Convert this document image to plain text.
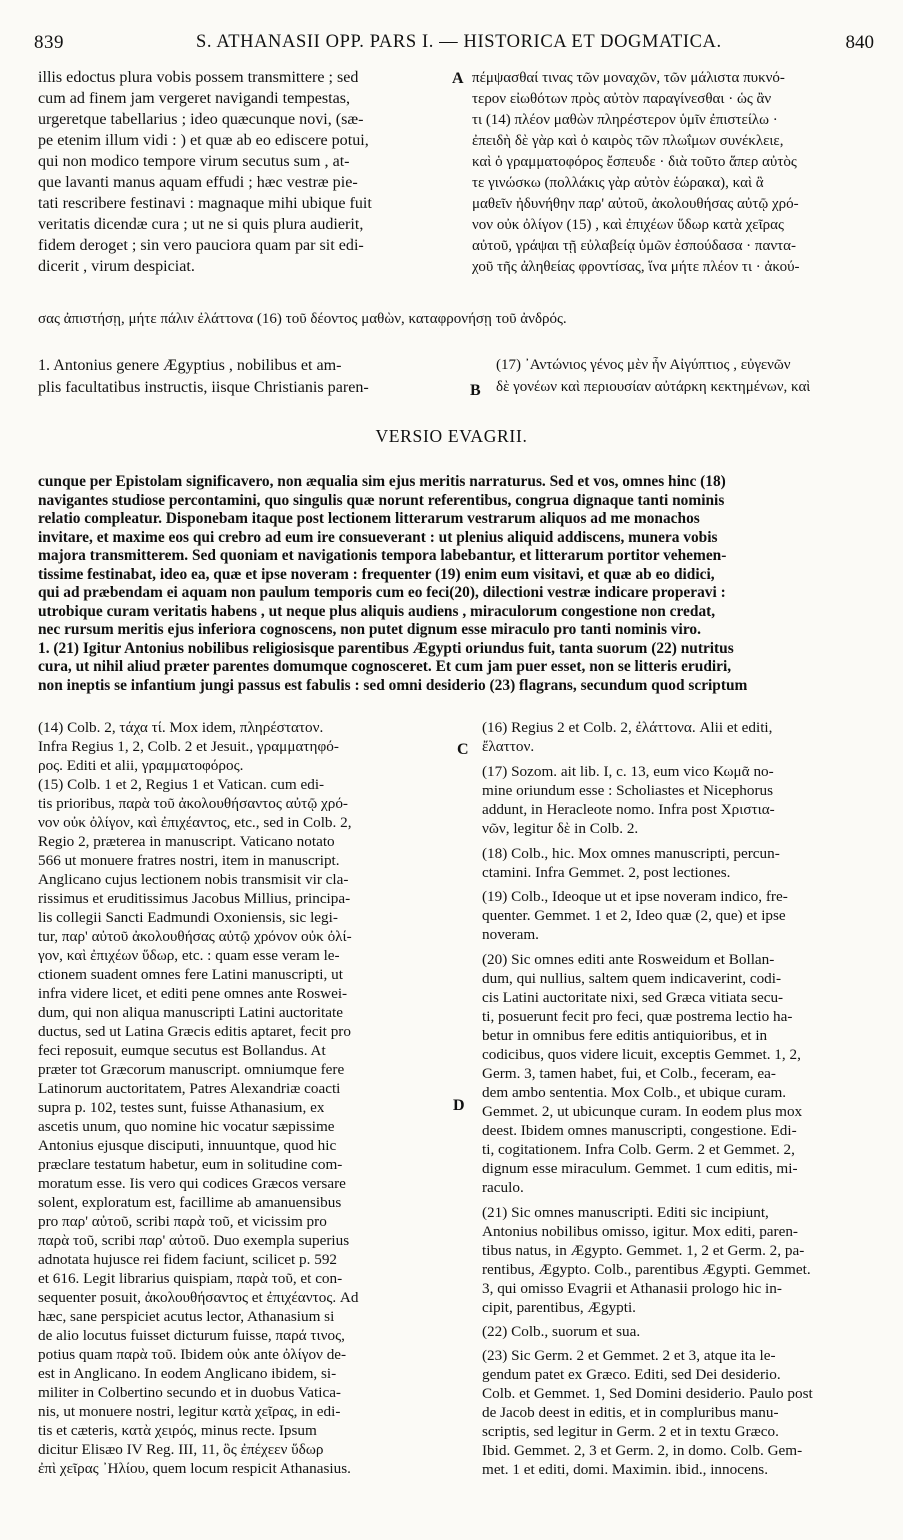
839	S. ATHANASII OPP. PARS I. — HISTORICA ET DOGMATICA.	840
illis edoctus plura vobis possem transmittere ; sed
cum ad finem jam vergeret navigandi tempestas,
urgeretque tabellarius ; ideo quæcunque novi, (sæ-
pe etenim illum vidi : ) et quæ ab eo ediscere potui,
qui non modico tempore virum secutus sum , at-
que lavanti manus aquam effudi ; hæc vestræ pie-
tati rescribere festinavi : magnaque mihi ubique fuit
veritatis dicendæ cura ; ut ne si quis plura audierit,
fidem deroget ; sin vero pauciora quam par sit edi-
dicerit , virum despiciat.
A πέμψασθαί τινας τῶν μοναχῶν, τῶν μάλιστα πυκνό-
τερον εἰωθότων πρὸς αὐτὸν παραγίνεσθαι · ὡς ἂν
τι (14) πλέον μαθὼν πληρέστερον ὑμῖν ἐπιστείλω ·
ἐπειδὴ δὲ γὰρ καὶ ὁ καιρὸς τῶν πλωΐμων συνέκλειε,
καὶ ὁ γραμματοφόρος ἔσπευδε · διὰ τοῦτο ἅπερ αὐτὸς
τε γινώσκω (πολλάκις γὰρ αὐτὸν ἑώρακα), καὶ ἃ
μαθεῖν ἠδυνήθην παρ' αὐτοῦ, ἀκολουθήσας αὐτῷ χρό-
νον οὐκ ὀλίγον (15) , καὶ ἐπιχέων ὕδωρ κατὰ χεῖρας
αὐτοῦ, γράψαι τῇ εὐλαβείᾳ ὑμῶν ἐσπούδασα · παντα-
χοῦ τῆς ἀληθείας φροντίσας, ἵνα μήτε πλέον τι · ἀκού-
σας ἀπιστήσῃ, μήτε πάλιν ἐλάττονα (16) τοῦ δέοντος μαθὼν, καταφρονήσῃ τοῦ ἀνδρός.
1. Antonius genere Ægyptius , nobilibus et am-
plis facultatibus instructis, iisque Christianis paren-	B
(17) ᾿Αντώνιος γένος μὲν ἦν Αἰγύπτιος , εὐγενῶν
δὲ γονέων καὶ περιουσίαν αὐτάρκη κεκτημένων, καὶ
VERSIO EVAGRII.
cunque per Epistolam significavero, non æqualia sim ejus meritis narraturus. Sed et vos, omnes hinc (18)
navigantes studiose percontamini, quo singulis quæ norunt referentibus, congrua dignaque tanti nominis
relatio compleatur. Disponebam itaque post lectionem litterarum vestrarum aliquos ad me monachos
invitare, et maxime eos qui crebro ad eum ire consueverant : ut plenius aliquid addiscens, munera vobis
majora transmitterem. Sed quoniam et navigationis tempora labebantur, et litterarum portitor vehemen-
tissime festinabat, ideo ea, quæ et ipse noveram : frequenter (19) enim eum visitavi, et quæ ab eo didici,
qui ad præbendam ei aquam non paulum temporis cum eo feci(20), dilectioni vestræ indicare properavi :
utrobique curam veritatis habens , ut neque plus aliquis audiens , miraculorum congestione non credat,
nec rursum meritis ejus inferiora cognoscens, non putet dignum esse miraculo pro tanti nominis viro.
1. (21) Igitur Antonius nobilibus religiosisque parentibus Ægypti oriundus fuit, tanta suorum (22) nutritus
cura, ut nihil aliud præter parentes domumque cognosceret. Et cum jam puer esset, non se litteris erudiri,
non ineptis se infantium jungi passus est fabulis : sed omni desiderio (23) flagrans, secundum quod scriptum
(14) Colb. 2, τάχα τί. Mox idem, πληρέστατον.
Infra Regius 1, 2, Colb. 2 et Jesuit., γραμματηφό-
ρος. Editi et alii, γραμματοφόρος.
(15) Colb. 1 et 2, Regius 1 et Vatican. cum edi-
tis prioribus, παρὰ τοῦ ἀκολουθήσαντος αὐτῷ χρό-
νον οὐκ ὀλίγον, καὶ ἐπιχέαντος, etc., sed in Colb. 2,
Regio 2, præterea in manuscript. Vaticano notato
566 ut monuere fratres nostri, item in manuscript.
Anglicano cujus lectionem nobis transmisit vir cla-
rissimus et eruditissimus Jacobus Millius, principa-
lis collegii Sancti Eadmundi Oxoniensis, sic legi-
tur, παρ' αὐτοῦ ἀκολουθήσας αὐτῷ χρόνον οὐκ ὀλί-
γον, καὶ ἐπιχέων ὕδωρ, etc. : quam esse veram le-
ctionem suadent omnes fere Latini manuscripti, ut
infra videre licet, et editi pene omnes ante Roswei-
dum, qui non aliqua manuscripti Latini auctoritate
ductus, sed ut Latina Græcis editis aptaret, fecit pro
feci reposuit, eumque secutus est Bollandus. At
præter tot Græcorum manuscript. omniumque fere
Latinorum auctoritatem, Patres Alexandriæ coacti
supra p. 102, testes sunt, fuisse Athanasium, ex
ascetis unum, quo nomine hic vocatur sæpissime
Antonius ejusque disciputi, innuuntque, quod hic
præclare testatum habetur, eum in solitudine com-
moratum esse. Iis vero qui codices Græcos versare
solent, exploratum est, facillime ab amanuensibus
pro παρ' αὐτοῦ, scribi παρὰ τοῦ, et vicissim pro
παρὰ τοῦ, scribi παρ' αὐτοῦ. Duo exempla superius
adnotata hujusce rei fidem faciunt, scilicet p. 592
et 616. Legit librarius quispiam, παρὰ τοῦ, et con-
sequenter posuit, ἀκολουθήσαντος et ἐπιχέαντος. Ad
hæc, sane perspiciet acutus lector, Athanasium si
de alio locutus fuisset dicturum fuisse, παρά τινος,
potius quam παρὰ τοῦ. Ibidem οὐκ ante ὀλίγον de-
est in Anglicano. In eodem Anglicano ibidem, si-
militer in Colbertino secundo et in duobus Vatica-
nis, ut monuere nostri, legitur κατὰ χεῖρας, in edi-
tis et cæteris, κατὰ χειρός, minus recte. Ipsum
dicitur Elisæo IV Reg. III, 11, ὃς ἐπέχεεν ὕδωρ
ἐπὶ χεῖρας ᾿Ηλίου, quem locum respicit Athanasius.
C
D
(16) Regius 2 et Colb. 2, ἐλάττονα. Alii et editi,
ἔλαττον.
(17) Sozom. ait lib. I, c. 13, eum vico Κωμᾶ no-
mine oriundum esse : Scholiastes et Nicephorus
addunt, in Heracleote nomo. Infra post Χριστια-
νῶν, legitur δὲ in Colb. 2.
(18) Colb., hic. Mox omnes manuscripti, percun-
ctamini. Infra Gemmet. 2, post lectiones.
(19) Colb., Ideoque ut et ipse noveram indico, fre-
quenter. Gemmet. 1 et 2, Ideo quæ (2, que) et ipse
noveram.
(20) Sic omnes editi ante Rosweidum et Bollan-
dum, qui nullius, saltem quem indicaverint, codi-
cis Latini auctoritate nixi, sed Græca vitiata secu-
ti, posuerunt fecit pro feci, quæ postrema lectio ha-
betur in omnibus fere editis antiquioribus, et in
codicibus, quos videre licuit, exceptis Gemmet. 1, 2,
Germ. 3, tamen habet, fui, et Colb., feceram, ea-
dem ambo sententia. Mox Colb., et ubique curam.
Gemmet. 2, ut ubicunque curam. In eodem plus mox
deest. Ibidem omnes manuscripti, congestione. Edi-
ti, cogitationem. Infra Colb. Germ. 2 et Gemmet. 2,
dignum esse miraculum. Gemmet. 1 cum editis, mi-
raculo.
(21) Sic omnes manuscripti. Editi sic incipiunt,
Antonius nobilibus omisso, igitur. Mox editi, paren-
tibus natus, in Ægypto. Gemmet. 1, 2 et Germ. 2, pa-
rentibus, Ægypto. Colb., parentibus Ægypti. Gemmet.
3, qui omisso Evagrii et Athanasii prologo hic in-
cipit, parentibus, Ægypti.
(22) Colb., suorum et sua.
(23) Sic Germ. 2 et Gemmet. 2 et 3, atque ita le-
gendum patet ex Græco. Editi, sed Dei desiderio.
Colb. et Gemmet. 1, Sed Domini desiderio. Paulo post
de Jacob deest in editis, et in compluribus manu-
scriptis, sed legitur in Germ. 2 et in textu Græco.
Ibid. Gemmet. 2, 3 et Germ. 2, in domo. Colb. Gem-
met. 1 et editi, domi. Maximin. ibid., innocens.
